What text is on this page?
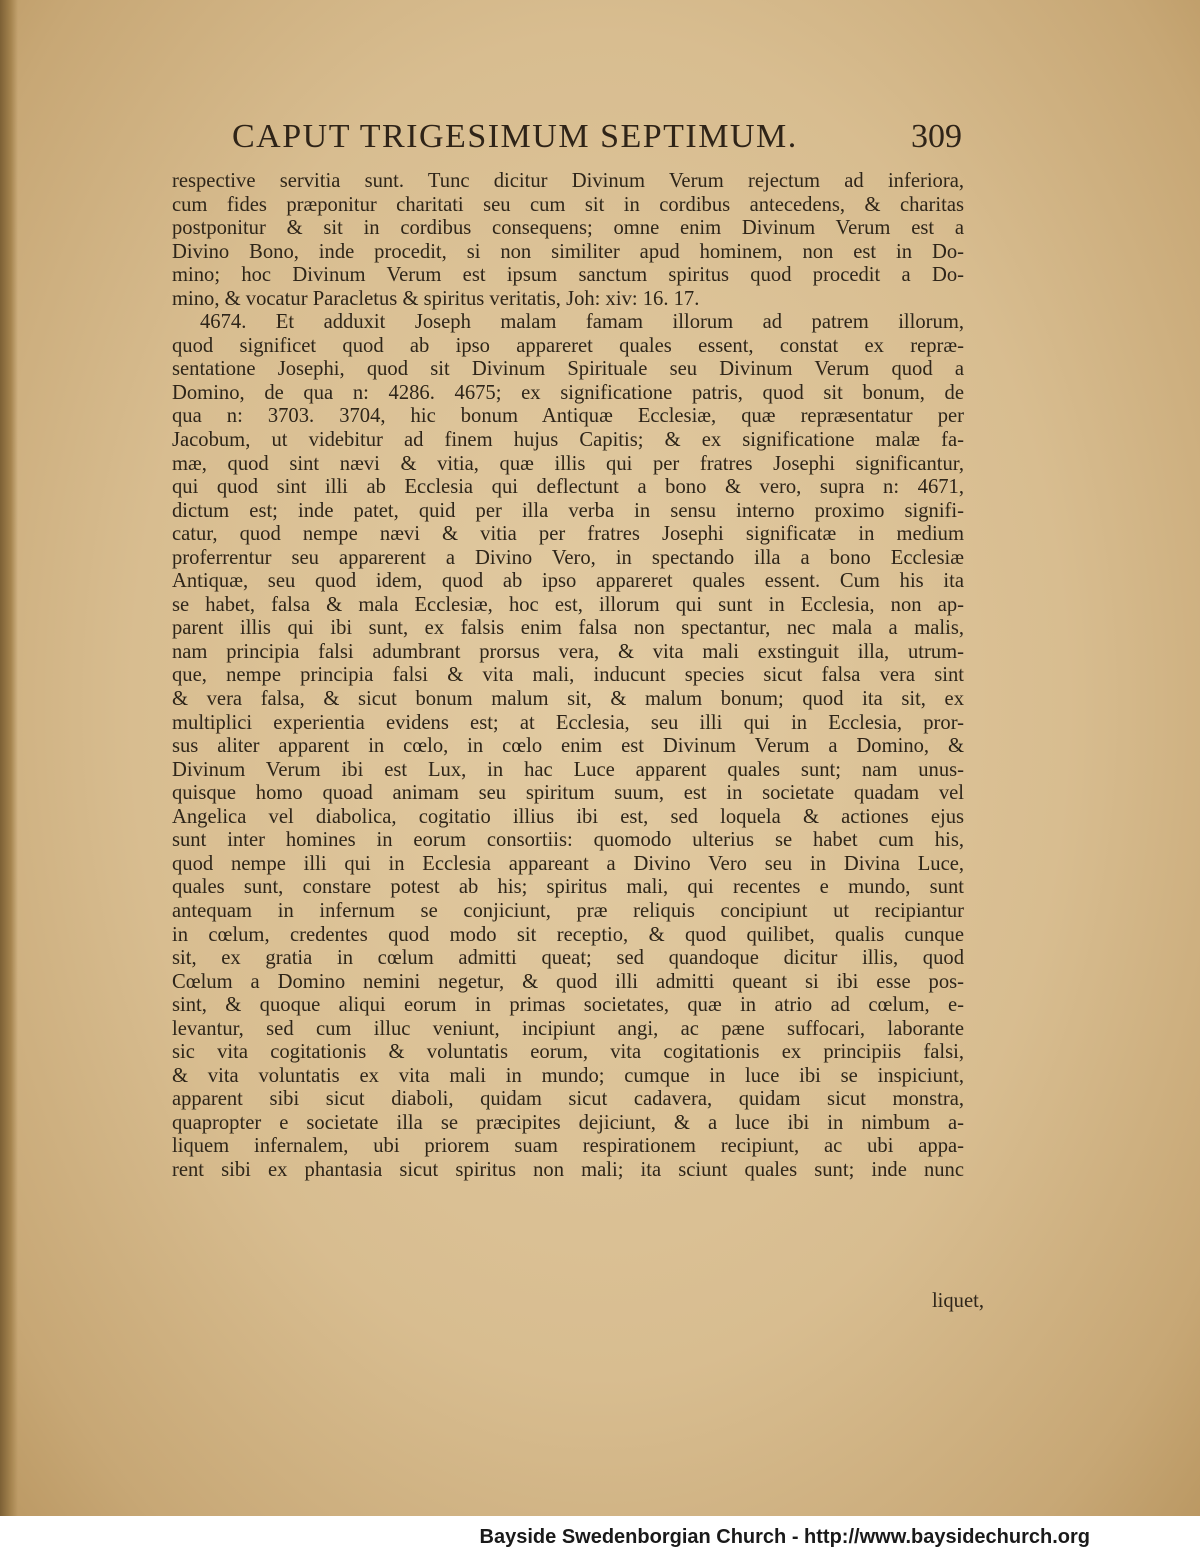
CAPUT TRIGESIMUM SEPTIMUM.	309
respective servitia sunt. Tunc dicitur Divinum Verum rejectum ad inferiora,
cum fides præponitur charitati seu cum sit in cordibus antecedens, & charitas
postponitur & sit in cordibus consequens; omne enim Divinum Verum est a
Divino Bono, inde procedit, si non similiter apud hominem, non est in Do-
mino; hoc Divinum Verum est ipsum sanctum spiritus quod procedit a Do-
mino, & vocatur Paracletus & spiritus veritatis, Joh: xiv: 16. 17.
4674. Et adduxit Joseph malam famam illorum ad patrem illorum,
quod significet quod ab ipso appareret quales essent, constat ex repræ-
sentatione Josephi, quod sit Divinum Spirituale seu Divinum Verum quod a
Domino, de qua n: 4286. 4675; ex significatione patris, quod sit bonum, de
qua n: 3703. 3704, hic bonum Antiquæ Ecclesiæ, quæ repræsentatur per
Jacobum, ut videbitur ad finem hujus Capitis; & ex significatione malæ fa-
mæ, quod sint nævi & vitia, quæ illis qui per fratres Josephi significantur,
qui quod sint illi ab Ecclesia qui deflectunt a bono & vero, supra n: 4671,
dictum est; inde patet, quid per illa verba in sensu interno proximo signifi-
catur, quod nempe nævi & vitia per fratres Josephi significatæ in medium
proferrentur seu apparerent a Divino Vero, in spectando illa a bono Ecclesiæ
Antiquæ, seu quod idem, quod ab ipso appareret quales essent. Cum his ita
se habet, falsa & mala Ecclesiæ, hoc est, illorum qui sunt in Ecclesia, non ap-
parent illis qui ibi sunt, ex falsis enim falsa non spectantur, nec mala a malis,
nam principia falsi adumbrant prorsus vera, & vita mali exstinguit illa, utrum-
que, nempe principia falsi & vita mali, inducunt species sicut falsa vera sint
& vera falsa, & sicut bonum malum sit, & malum bonum; quod ita sit, ex
multiplici experientia evidens est; at Ecclesia, seu illi qui in Ecclesia, pror-
sus aliter apparent in cœlo, in cœlo enim est Divinum Verum a Domino, &
Divinum Verum ibi est Lux, in hac Luce apparent quales sunt; nam unus-
quisque homo quoad animam seu spiritum suum, est in societate quadam vel
Angelica vel diabolica, cogitatio illius ibi est, sed loquela & actiones ejus
sunt inter homines in eorum consortiis: quomodo ulterius se habet cum his,
quod nempe illi qui in Ecclesia appareant a Divino Vero seu in Divina Luce,
quales sunt, constare potest ab his; spiritus mali, qui recentes e mundo, sunt
antequam in infernum se conjiciunt, præ reliquis concipiunt ut recipiantur
in cœlum, credentes quod modo sit receptio, & quod quilibet, qualis cunque
sit, ex gratia in cœlum admitti queat; sed quandoque dicitur illis, quod
Cœlum a Domino nemini negetur, & quod illi admitti queant si ibi esse pos-
sint, & quoque aliqui eorum in primas societates, quæ in atrio ad cœlum, e-
levantur, sed cum illuc veniunt, incipiunt angi, ac pæne suffocari, laborante
sic vita cogitationis & voluntatis eorum, vita cogitationis ex principiis falsi,
& vita voluntatis ex vita mali in mundo; cumque in luce ibi se inspiciunt,
apparent sibi sicut diaboli, quidam sicut cadavera, quidam sicut monstra,
quapropter e societate illa se præcipites dejiciunt, & a luce ibi in nimbum a-
liquem infernalem, ubi priorem suam respirationem recipiunt, ac ubi appa-
rent sibi ex phantasia sicut spiritus non mali; ita sciunt quales sunt; inde nunc
liquet,
Bayside Swedenborgian Church - http://www.baysidechurch.org
